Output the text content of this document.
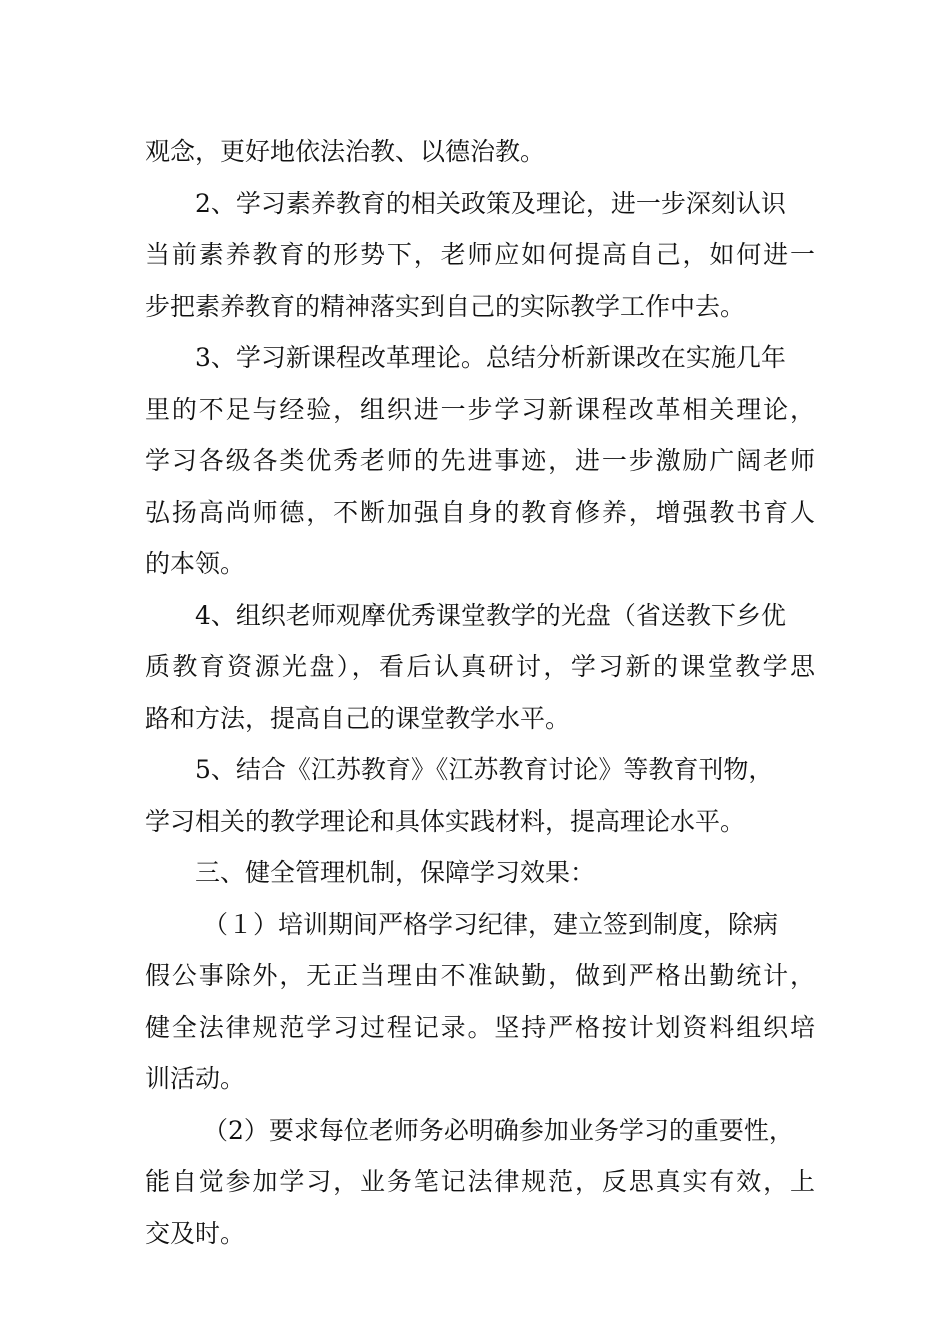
观念，更好地依法治教、以德治教。
2、学习素养教育的相关政策及理论，进一步深刻认识
当前素养教育的形势下，老师应如何提高自己，如何进一
步把素养教育的精神落实到自己的实际教学工作中去。
3、学习新课程改革理论。总结分析新课改在实施几年
里的不足与经验，组织进一步学习新课程改革相关理论，
学习各级各类优秀老师的先进事迹，进一步激励广阔老师
弘扬高尚师德，不断加强自身的教育修养，增强教书育人
的本领。
4、组织老师观摩优秀课堂教学的光盘（省送教下乡优
质教育资源光盘），看后认真研讨，学习新的课堂教学思
路和方法，提高自己的课堂教学水平。
5、结合《江苏教育》《江苏教育讨论》等教育刊物，
学习相关的教学理论和具体实践材料，提高理论水平。
三、健全管理机制，保障学习效果：
（１）培训期间严格学习纪律，建立签到制度，除病
假公事除外，无正当理由不准缺勤，做到严格出勤统计，
健全法律规范学习过程记录。坚持严格按计划资料组织培
训活动。
（2）要求每位老师务必明确参加业务学习的重要性，
能自觉参加学习，业务笔记法律规范，反思真实有效，上
交及时。
